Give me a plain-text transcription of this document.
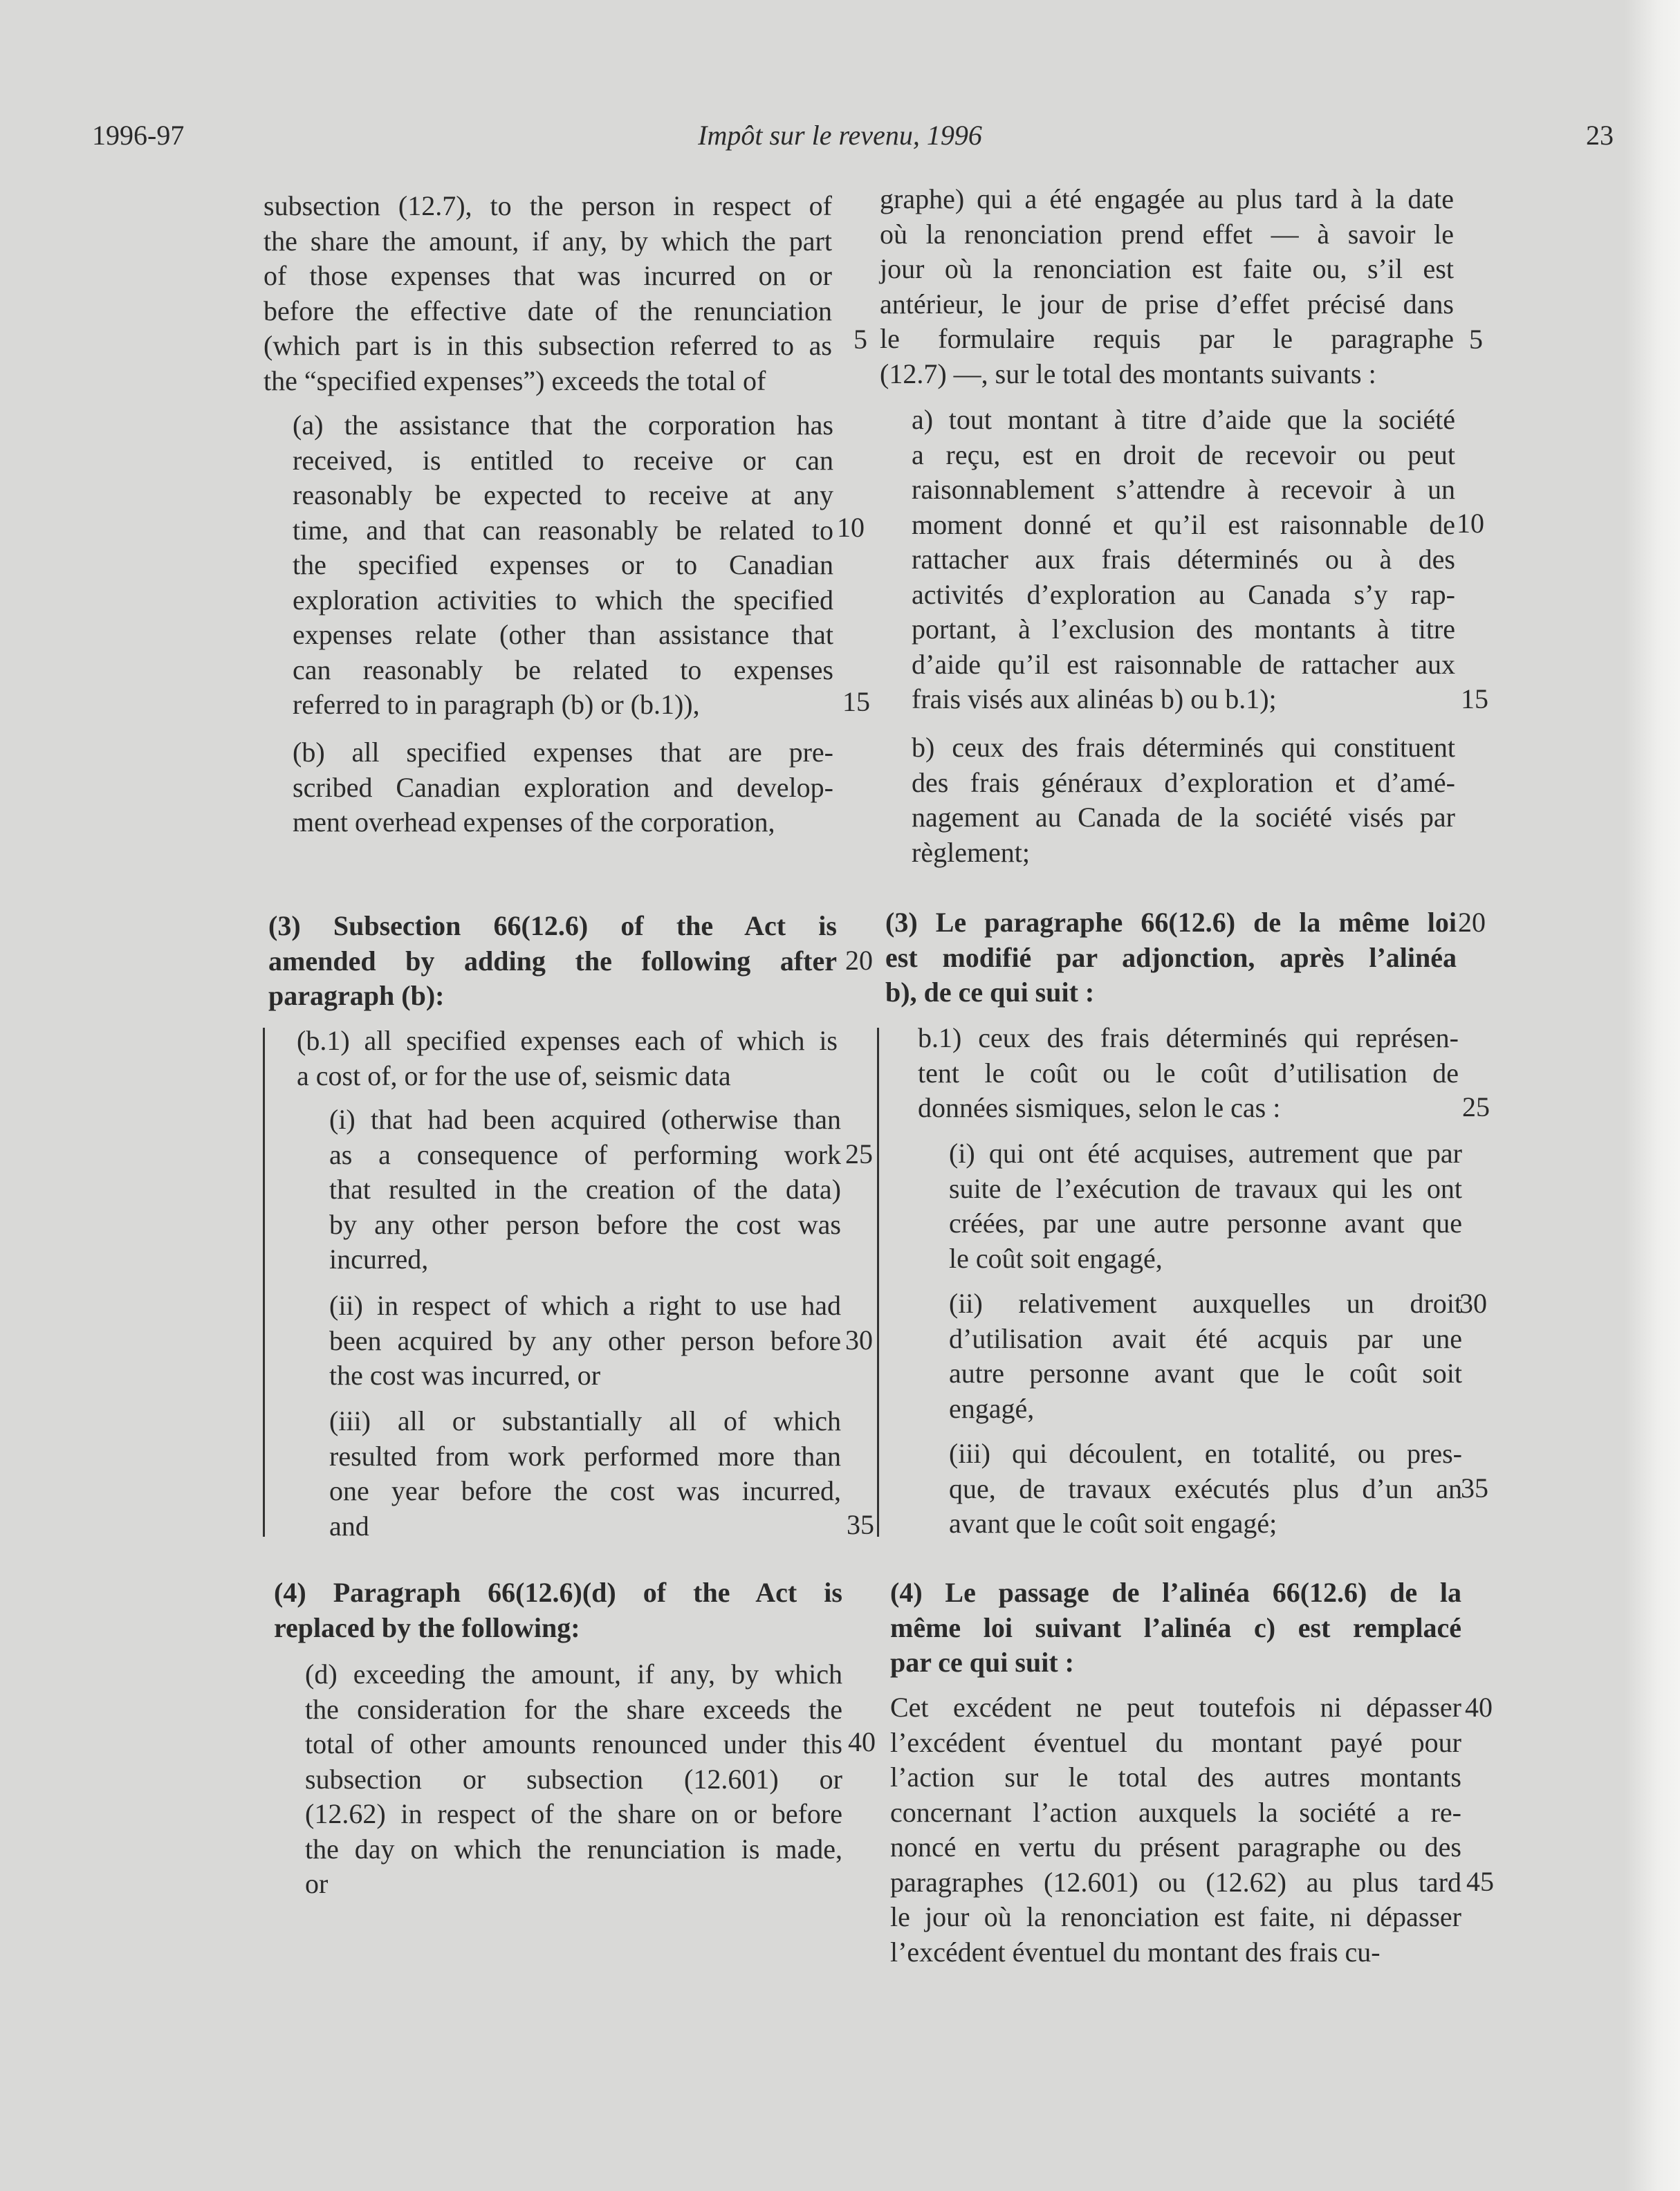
1996-97	Impôt sur le revenu, 1996	23
subsection (12.7), to the person in respect of
the share the amount, if any, by which the part
of those expenses that was incurred on or
before the effective date of the renunciation
(which part is in this subsection referred to as
the “specified expenses”) exceeds the total of
(a) the assistance that the corporation has
received, is entitled to receive or can
reasonably be expected to receive at any
time, and that can reasonably be related to
the specified expenses or to Canadian
exploration activities to which the specified
expenses relate (other than assistance that
can reasonably be related to expenses
referred to in paragraph (b) or (b.1)),
(b) all specified expenses that are pre-
scribed Canadian exploration and develop-
ment overhead expenses of the corporation,
(3) Subsection 66(12.6) of the Act is
amended by adding the following after
paragraph (b):
(b.1) all specified expenses each of which is
a cost of, or for the use of, seismic data
(i) that had been acquired (otherwise than
as a consequence of performing work
that resulted in the creation of the data)
by any other person before the cost was
incurred,
(ii) in respect of which a right to use had
been acquired by any other person before
the cost was incurred, or
(iii) all or substantially all of which
resulted from work performed more than
one year before the cost was incurred,
and
(4) Paragraph 66(12.6)(d) of the Act is
replaced by the following:
(d) exceeding the amount, if any, by which
the consideration for the share exceeds the
total of other amounts renounced under this
subsection or subsection (12.601) or
(12.62) in respect of the share on or before
the day on which the renunciation is made,
or
graphe) qui a été engagée au plus tard à la date
où la renonciation prend effet — à savoir le
jour où la renonciation est faite ou, s’il est
antérieur, le jour de prise d’effet précisé dans
le formulaire requis par le paragraphe
(12.7) —, sur le total des montants suivants :
a) tout montant à titre d’aide que la société
a reçu, est en droit de recevoir ou peut
raisonnablement s’attendre à recevoir à un
moment donné et qu’il est raisonnable de
rattacher aux frais déterminés ou à des
activités d’exploration au Canada s’y rap-
portant, à l’exclusion des montants à titre
d’aide qu’il est raisonnable de rattacher aux
frais visés aux alinéas b) ou b.1);
b) ceux des frais déterminés qui constituent
des frais généraux d’exploration et d’amé-
nagement au Canada de la société visés par
règlement;
(3) Le paragraphe 66(12.6) de la même loi
est modifié par adjonction, après l’alinéa
b), de ce qui suit :
b.1) ceux des frais déterminés qui représen-
tent le coût ou le coût d’utilisation de
données sismiques, selon le cas :
(i) qui ont été acquises, autrement que par
suite de l’exécution de travaux qui les ont
créées, par une autre personne avant que
le coût soit engagé,
(ii) relativement auxquelles un droit
d’utilisation avait été acquis par une
autre personne avant que le coût soit
engagé,
(iii) qui découlent, en totalité, ou pres-
que, de travaux exécutés plus d’un an
avant que le coût soit engagé;
(4) Le passage de l’alinéa 66(12.6) de la
même loi suivant l’alinéa c) est remplacé
par ce qui suit :
Cet excédent ne peut toutefois ni dépasser
l’excédent éventuel du montant payé pour
l’action sur le total des autres montants
concernant l’action auxquels la société a re-
noncé en vertu du présent paragraphe ou des
paragraphes (12.601) ou (12.62) au plus tard
le jour où la renonciation est faite, ni dépasser
l’excédent éventuel du montant des frais cu-
5	5
10	10
15	15
20
20
25
25
30
30
35
35
40
40
45
